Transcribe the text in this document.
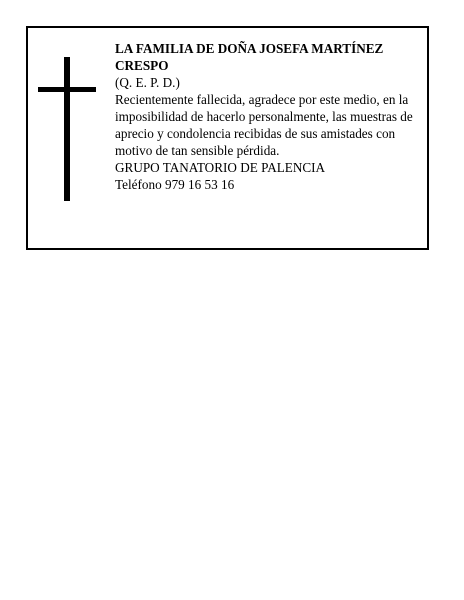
LA FAMILIA DE DOÑA JOSEFA MARTÍNEZ CRESPO

(Q. E. P. D.)

Recientemente fallecida, agradece por este medio, en la imposibilidad de hacerlo personalmente, las muestras de aprecio y condolencia recibidas de sus amistades con motivo de tan sensible pérdida.

GRUPO TANATORIO DE PALENCIA

Teléfono 979 16 53 16
